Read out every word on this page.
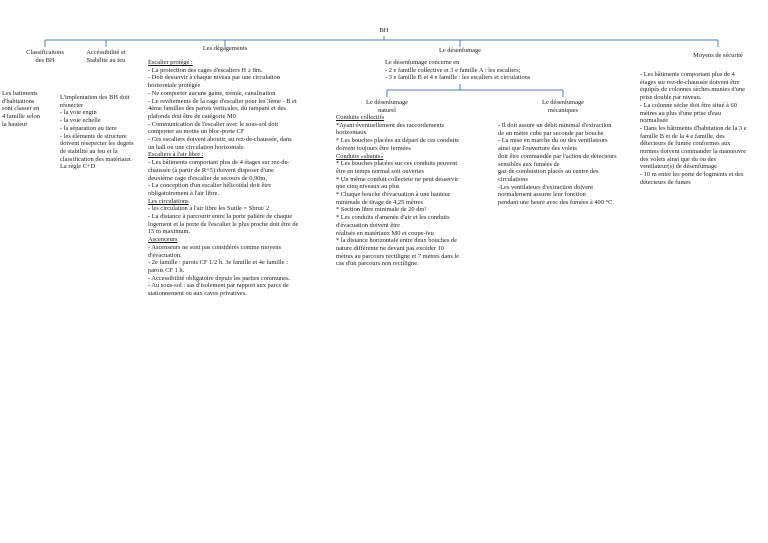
BH
Classificaitons
des BH
Les batiments
d'habitations
sont classer en
4 famille selon
la hauteur
Accéssibilité et
Stabilité au feu
L'implentation des BH doit
résnecter
- la voie engin
- la voie echelle
- la séparation au tiere
- les éléments de structure
doivent résepecter les degrés
de stabilité au feu et la
classification des matériaux
La règle C+D
Les dégagements
Escalier protégé :
- La protection des cages d'escaliers H ≥ 8m.
- Doit desservir à chaque niveau par une circulation
horizontale protégée
- Ne comporter aucune gaine, trémie, canalisation
- Le revêtements de la cage d'escalier pour les 3ème - B et
4ème familles des parois verticales, du rampant et des
plafonds doit être de catégorie M0
- Communication de l'escalier avec le sous-sol doit
comporter au moins un bloc-porte CF
- Ces escaliers doivent aboutir, au rez-de-chaussée, dans
un hall ou une circulation horizontale
Escaliers à l'air libre :
- Les bâtiments comportant plus de 4 étages sur rez-de-
chaussée (à partir de R+5) doivent disposer d'une
deuxième cage d'escalier de secours de 0,90m,
- La conception d'un escalier hélicoïdal doit être
obligatoirement à l'air libre.
Les circulations
- les circulaiton à l'air libre les Sutile = Sbrut/ 2
- La distance à parcourir entre la porte palière de chaque
logement et la porte de l'escalier le plus proche doit être de
15 m maximum.
Ascenceurs
- Ascenseurs ne sont pas considérés comme moyens
d'évacuation.
- 2e famille : parois CF 1/2 h. 3e famille et 4e famille :
parois CF 1 h.
- Accessibilité obligatoire depuis les parties communes.
- Au sous-sol : sas d'isolement par rapport aux parcs de
stationnement ou aux caves privatives.
Le désenfumage
Le désenfumage concerne en
- 2 e famille collective et 3 e famille A : les escaliers;
- 3 e famille B et 4 e famille : les escaliers et circulations
Le désenfumage
naturel
Conduits collectifs
*Ayant éventuellement des raccordements
horizontaux
* Les bouches placées au départ de ces conduits
doivent toujours être fermées
Conduits «shunts»
* Les bouches placées sur ces conduits peuvent
être en temps normal soit ouvertes
* Un même conduit collecteur ne peut desservir
que cinq niveaux au plus
* Chaque bouche d'évacuation à une hauteur
minimale de tirage de 4,25 mètres
* Section libre minimale de 20 dm²
* Les conduits d'amenée d'air et les conduits
d'évacuation doivent être
réalisés en matériaux M0 et coupe-feu
* la distance horizontale entre deux bouches de
nature différente ne devant pas excéder 10
mètres au parcours rectiligne et 7 mètres dans le
cas d'un parcours non rectiligne.
Le désenfumage
mécaniques
- Il doit assure un débit minimal d'extraction
de un mètre cube par seconde par bouche
- La mise en marche du ou des ventilateurs
ainsi que l'ouverture des volets
doit être commandée par l'action de détecteurs
sensibles aux fumées de
gaz de combustion placés au centre des
circulations
-Les ventilateurs d'extraction doivent
normalement assurer leur fonction
pendant une heure avec des fumées à 400 °C.
Moyens de sécurité
- Les bâtiments comportant plus de 4
étages sur rez-de-chaussée doivent être
équipés de colonnes sèches.munies d'une
prise double par niveau.
- La colonne sèche doit être situé à 60
mètres au plus d'une prise d'eau
normalisée
- Dans les bâtiments d'habitation de la 3 e
famille B et de la 4 e famille, des
détecteurs de fumée conformes aux
normes doivent commander la manœuvre
des volets ainsi que du ou des
ventilateur(s) de désenfumage
- 10 m entre les porte de logments et des
détecteurs de fumes
